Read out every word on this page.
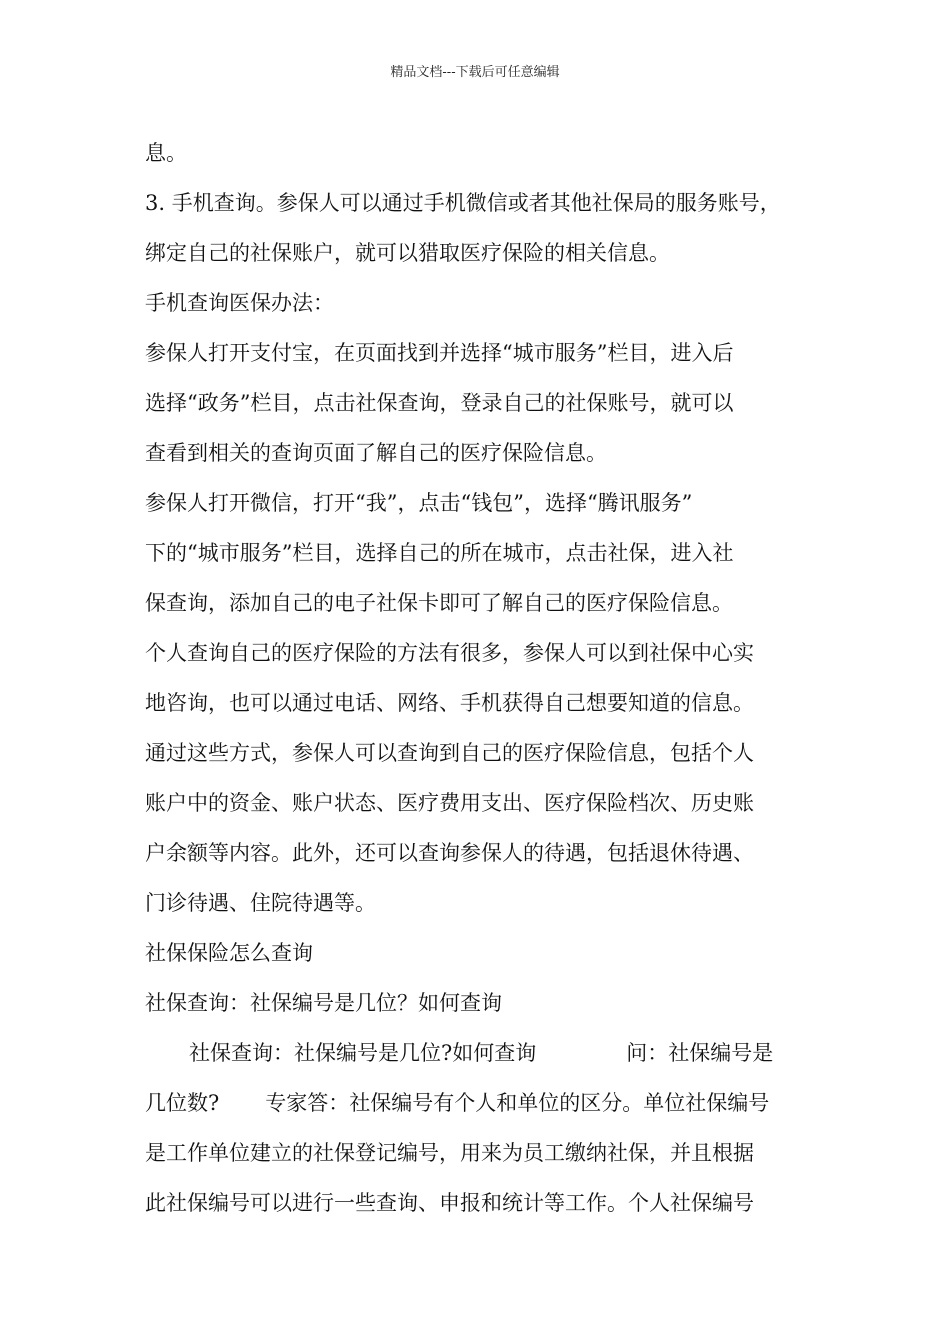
精品文档---下载后可任意编辑
息。
3. 手机查询。参保人可以通过手机微信或者其他社保局的服务账号，
绑定自己的社保账户，就可以猎取医疗保险的相关信息。
手机查询医保办法：
参保人打开支付宝，在页面找到并选择“城市服务”栏目，进入后
选择“政务”栏目，点击社保查询，登录自己的社保账号，就可以
查看到相关的查询页面了解自己的医疗保险信息。
参保人打开微信，打开“我”，点击“钱包”，选择“腾讯服务”
下的“城市服务”栏目，选择自己的所在城市，点击社保，进入社
保查询，添加自己的电子社保卡即可了解自己的医疗保险信息。
个人查询自己的医疗保险的方法有很多，参保人可以到社保中心实
地咨询，也可以通过电话、网络、手机获得自己想要知道的信息。
通过这些方式，参保人可以查询到自己的医疗保险信息，包括个人
账户中的资金、账户状态、医疗费用支出、医疗保险档次、历史账
户余额等内容。此外，还可以查询参保人的待遇，包括退休待遇、
门诊待遇、住院待遇等。
社保保险怎么查询
社保查询：社保编号是几位？如何查询
社保查询：社保编号是几位?如何查询	问：社保编号是
几位数? 专家答：社保编号有个人和单位的区分。单位社保编号
是工作单位建立的社保登记编号，用来为员工缴纳社保，并且根据
此社保编号可以进行一些查询、申报和统计等工作。个人社保编号
